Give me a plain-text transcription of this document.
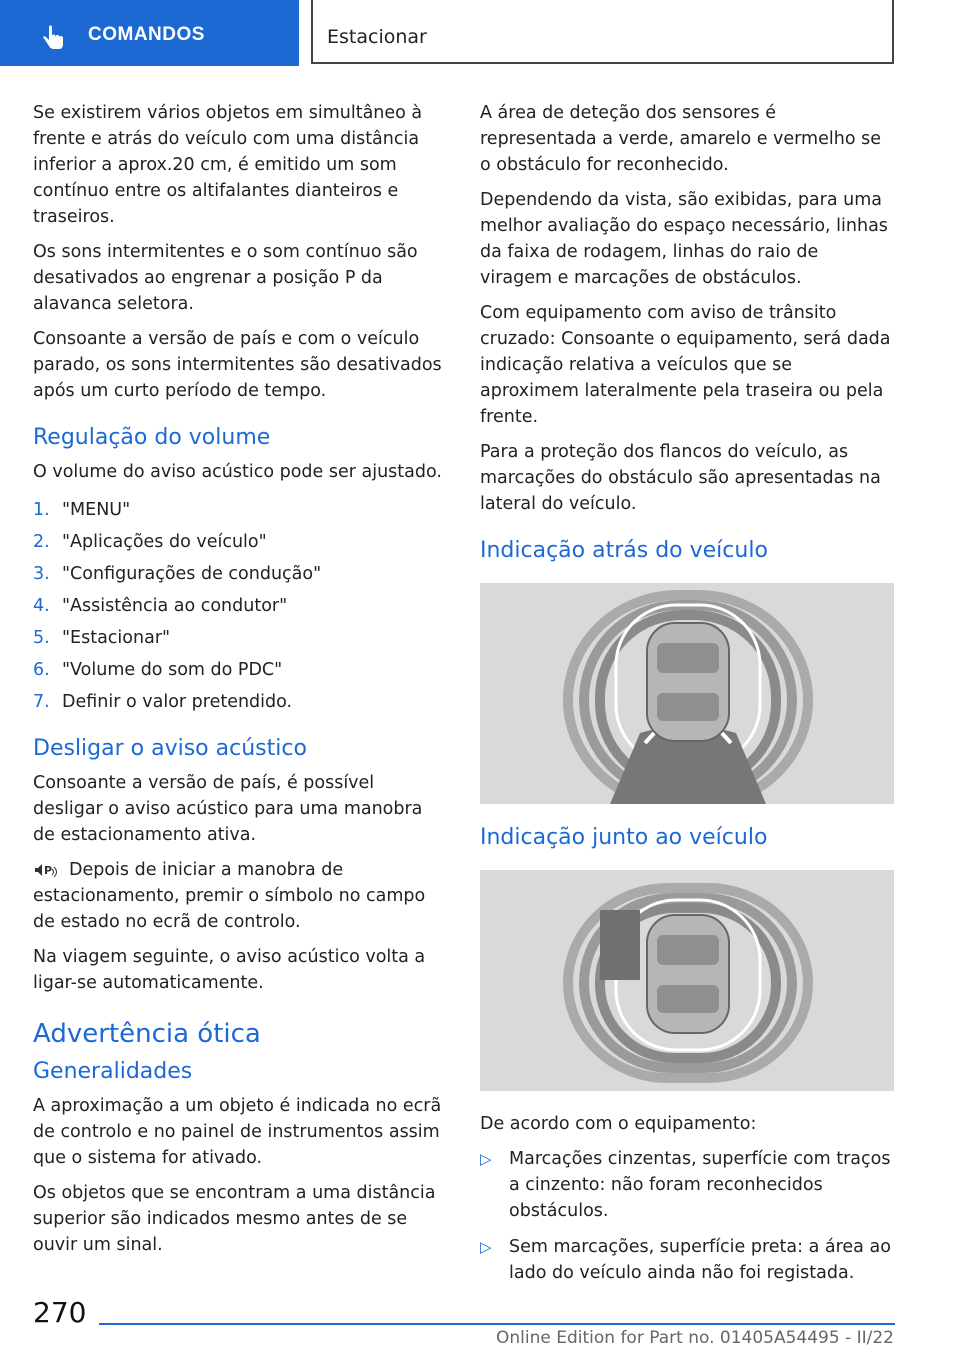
COMANDOS	Estacionar

Se existirem vários objetos em simultâneo à frente e atrás do veículo com uma distância inferior a aprox.20 cm, é emitido um som contínuo entre os altifalantes dianteiros e traseiros.

Os sons intermitentes e o som contínuo são desativados ao engrenar a posição P da alavanca seletora.

Consoante a versão de país e com o veículo parado, os sons intermitentes são desativados após um curto período de tempo.

Regulação do volume

O volume do aviso acústico pode ser ajustado.

1. "MENU"
2. "Aplicações do veículo"
3. "Configurações de condução"
4. "Assistência ao condutor"
5. "Estacionar"
6. "Volume do som do PDC"
7. Definir o valor pretendido.
Desligar o aviso acústico

Consoante a versão de país, é possível desligar o aviso acústico para uma manobra de estacionamento ativa.

P Depois de iniciar a manobra de estacionamento, premir o símbolo no campo de estado no ecrã de controlo.

Na viagem seguinte, o aviso acústico volta a ligar-se automaticamente.

Advertência ótica
Generalidades

A aproximação a um objeto é indicada no ecrã de controlo e no painel de instrumentos assim que o sistema for ativado.

Os objetos que se encontram a uma distância superior são indicados mesmo antes de se ouvir um sinal.

A área de deteção dos sensores é representada a verde, amarelo e vermelho se o obstáculo for reconhecido.

Dependendo da vista, são exibidas, para uma melhor avaliação do espaço necessário, linhas da faixa de rodagem, linhas do raio de viragem e marcações de obstáculos.

Com equipamento com aviso de trânsito cruzado: Consoante o equipamento, será dada indicação relativa a veículos que se aproximem lateralmente pela traseira ou pela frente.

Para a proteção dos flancos do veículo, as marcações do obstáculo são apresentadas na lateral do veículo.

Indicação atrás do veículo
Indicação junto ao veículo

De acordo com o equipamento:

▷ Marcações cinzentas, superfície com traços a cinzento: não foram reconhecidos obstáculos.
▷ Sem marcações, superfície preta: a área ao lado do veículo ainda não foi registada.
270
Online Edition for Part no. 01405A54495 - II/22
